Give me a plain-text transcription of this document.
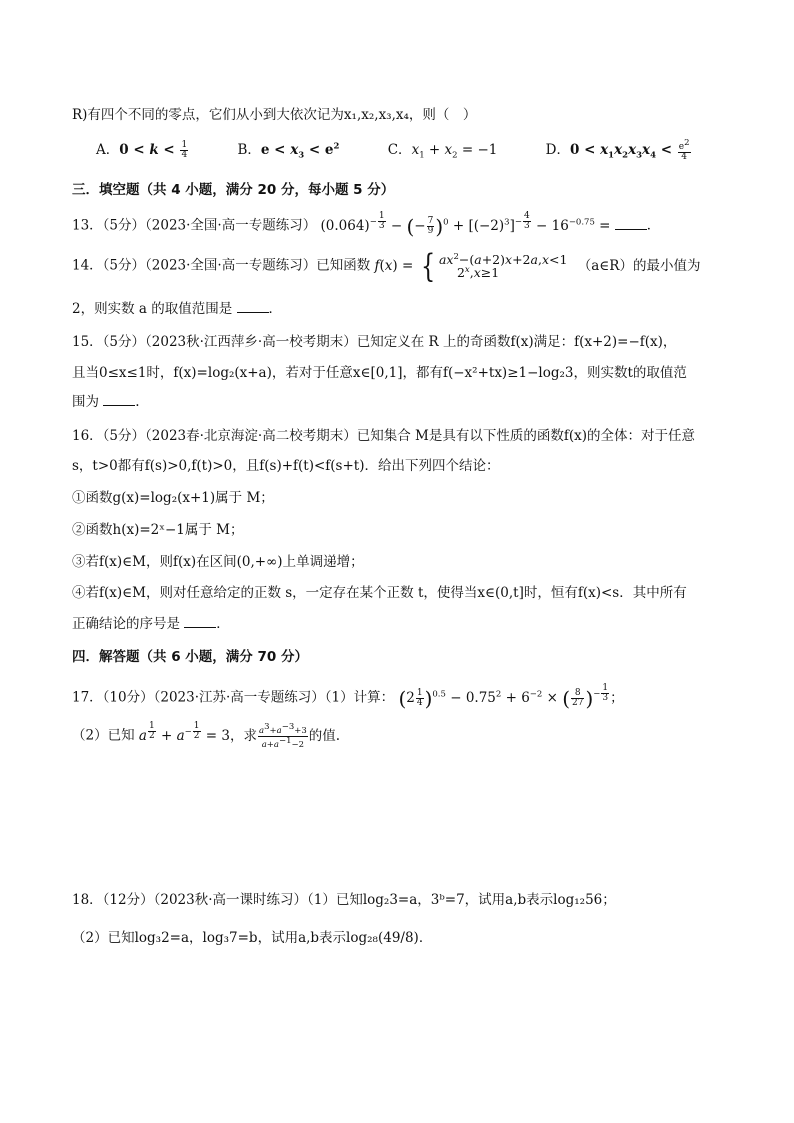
R)有四个不同的零点，它们从小到大依次记为x₁,x₂,x₃,x₄，则（　）
A．$0 < k < \frac{1}{4}$	B．$e < x_3 < e^2$	C．$x_1 + x_2 = -1$	D．$0 < x_1x_2x_3x_4 < \frac{e^2}{4}$
三．填空题（共 4 小题，满分 20 分，每小题 5 分）
13．（5分）（2023·全国·高一专题练习） $(0.064)^{- \frac{1}{3}}$ − (− $\frac{7}{9} )^0 + [(-2)^3]^{- \frac{4}{3}} - 16^{-0.75}$ = ．
14．（5分）（2023·全国·高一专题练习）已知函数 f(x) = { $ax^2-(a+2)x+2a,x<1$
$2^x,x\ge 1$	（a∈R）的最小值为
2，则实数 a 的取值范围是	．
15．（5分）（2023秋·江西萍乡·高一校考期末）已知定义在 R 上的奇函数f(x)满足：f(x+2)=−f(x)，
且当0≤x≤1时，f(x)=log₂(x+a)，若对于任意x∈[0,1]，都有f(−x²+tx)≥1−log₂3，则实数t的取值范
围为	.
16．（5分）（2023春·北京海淀·高二校考期末）已知集合 M是具有以下性质的函数f(x)的全体：对于任意
s，t>0都有f(s)>0,f(t)>0，且f(s)+f(t)<f(s+t)．给出下列四个结论：
①函数g(x)=log₂(x+1)属于 M；
②函数h(x)=2ˣ−1属于 M；
③若f(x)∈M，则f(x)在区间(0,+∞)上单调递增；
④若f(x)∈M，则对任意给定的正数 s，一定存在某个正数 t，使得当x∈(0,t]时，恒有f(x)<s．其中所有
正确结论的序号是	．
四．解答题（共 6 小题，满分 70 分）
17．（10分）（2023·江苏·高一专题练习）（1）计算： $(2 \frac{1}{4} )^{0.5} - 0.75^2 + 6^{-2}$ × ( $\frac{8}{27} )^{- \frac{1}{3}}$ ；
（2）已知 a $^{\frac{1}{2}} + a^{- \frac{1}{2}} = 3$，求 $\frac{a^3+a^{-3}+3}{a+a^{-1}-2}$ 的值.
18．（12分）（2023秋·高一课时练习）（1）已知log₂3=a，3ᵇ=7，试用a,b表示log₁₂56；
（2）已知log₃2=a，log₃7=b，试用a,b表示log₂₈(49/8)．
